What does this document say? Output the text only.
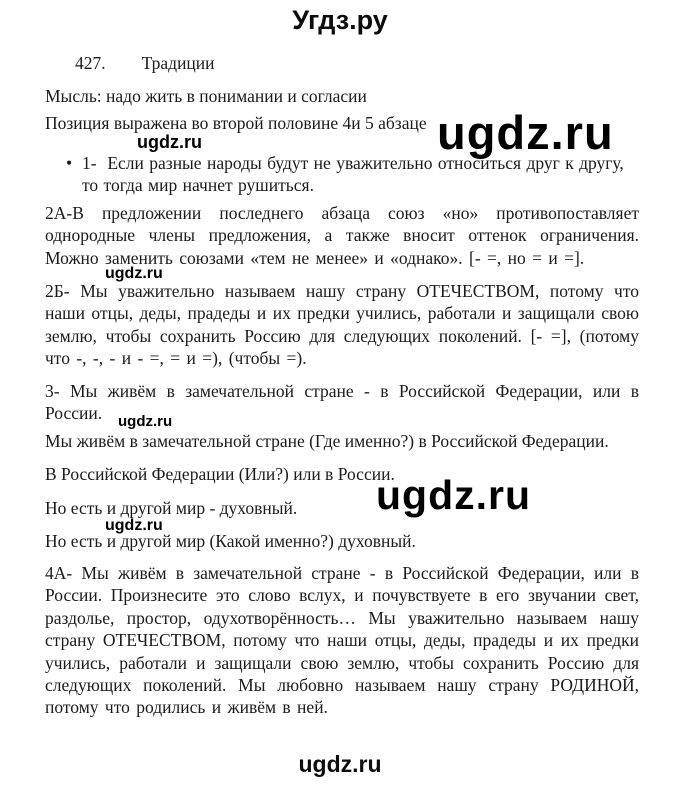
Угдз.ру
ugdz.ru
ugdz.ru
427. Традиции
Мысль: надо жить в понимании и согласии
Позиция выражена во второй половине 4и 5 абзаце
• 1-  Если разные народы будут не уважительно относиться друг к другу, то тогда мир начнет рушиться.
2А-В предложении последнего абзаца союз «но» противопоставляет однородные члены предложения, а также вносит оттенок ограничения. Можно заменить союзами «тем не менее» и «однако». [- =, но = и =].
ugdz.ru
2Б- Мы уважительно называем нашу страну ОТЕЧЕСТВОМ, потому что наши отцы, деды, прадеды и их предки учились, работали и защищали свою землю, чтобы сохранить Россию для следующих поколений. [- =], (потому что -, -, - и - =, = и =), (чтобы =).
3- Мы живём в замечательной стране - в Российской Федерации, или в России.	ugdz.ru
Мы живём в замечательной стране (Где именно?) в Российской Федерации.
В Российской Федерации (Или?) или в России.
ugdz.ru
Но есть и другой мир - духовный.
ugdz.ru
Но есть и другой мир (Какой именно?) духовный.
4А- Мы живём в замечательной стране - в Российской Федерации, или в России. Произнесите это слово вслух, и почувствуете в его звучании свет, раздолье, простор, одухотворённость… Мы уважительно называем нашу страну ОТЕЧЕСТВОМ, потому что наши отцы, деды, прадеды и их предки учились, работали и защищали свою землю, чтобы сохранить Россию для следующих поколений. Мы любовно называем нашу страну РОДИНОЙ, потому что родились и живём в ней.
ugdz.ru
